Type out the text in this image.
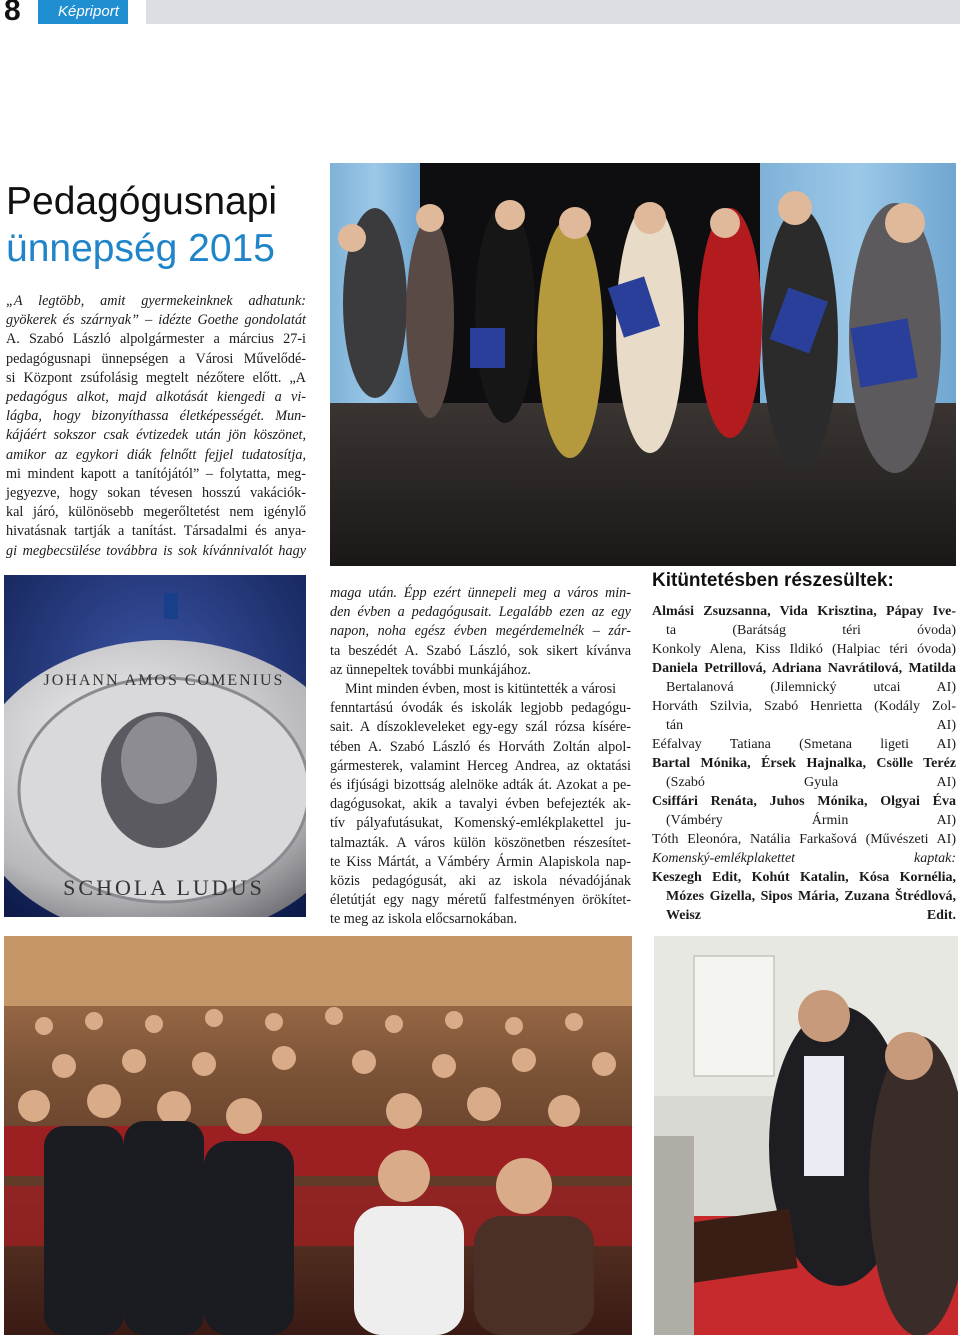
8	Képriport
Pedagógusnapi
ünnepség 2015
„A legtöbb, amit gyermekeinknek adhatunk:
gyökerek és szárnyak” – idézte Goethe gondolatát
A. Szabó László alpolgármester a március 27-i
pedagógusnapi ünnepségen a Városi Művelődé-
si Központ zsúfolásig megtelt nézőtere előtt. „A
pedagógus alkot, majd alkotását kiengedi a vi-
lágba, hogy bizonyíthassa életképességét. Mun-
kájáért sokszor csak évtizedek után jön köszönet,
amikor az egykori diák felnőtt fejjel tudatosítja,
mi mindent kapott a tanítójától” – folytatta, meg-
jegyezve, hogy sokan tévesen hosszú vakációk-
kal járó, különösebb megerőltetést nem igénylő
hivatásnak tartják a tanítást. Társadalmi és anya-
gi megbecsülése továbbra is sok kívánnivalót hagy
maga után. Épp ezért ünnepeli meg a város min-
den évben a pedagógusait. Legalább ezen az egy
napon, noha egész évben megérdemelnék – zár-
ta beszédét A. Szabó László, sok sikert kívánva
az ünnepeltek további munkájához.
Mint minden évben, most is kitüntették a városi
fenntartású óvodák és iskolák legjobb pedagógu-
sait. A díszokleveleket egy-egy szál rózsa kísére-
tében A. Szabó László és Horváth Zoltán alpol-
gármesterek, valamint Herceg Andrea, az oktatási
és ifjúsági bizottság alelnöke adták át. Azokat a pe-
dagógusokat, akik a tavalyi évben befejezték ak-
tív pályafutásukat, Komenský-emlékplakettel ju-
talmazták. A város külön köszönetben részesítet-
te Kiss Mártát, a Vámbéry Ármin Alapiskola nap-
közis pedagógusát, aki az iskola névadójának
életútját egy nagy méretű falfestményen örökítet-
te meg az iskola előcsarnokában.
Kitüntetésben részesültek:
Almási Zsuzsanna, Vida Krisztina, Pápay Ive-
ta (Barátság téri óvoda)
Konkoly Alena, Kiss Ildikó (Halpiac téri óvoda)
Daniela Petrillová, Adriana Navrátilová, Matilda
Bertalanová (Jilemnický utcai AI)
Horváth Szilvia, Szabó Henrietta (Kodály Zol-
tán AI)
Eéfalvay Tatiana (Smetana ligeti AI)
Bartal Mónika, Érsek Hajnalka, Csölle Teréz
(Szabó Gyula AI)
Csiffári Renáta, Juhos Mónika, Olgyai Éva
(Vámbéry Ármin AI)
Tóth Eleonóra, Natália Farkašová (Művészeti AI)
Komenský-emlékplakettet kaptak:
Keszegh Edit, Kohút Katalin, Kósa Kornélia,
Mózes Gizella, Sipos Mária, Zuzana Štrédlová,
Weisz Edit.
JOHANN AMOS COMENIUS
SCHOLA LUDUS
